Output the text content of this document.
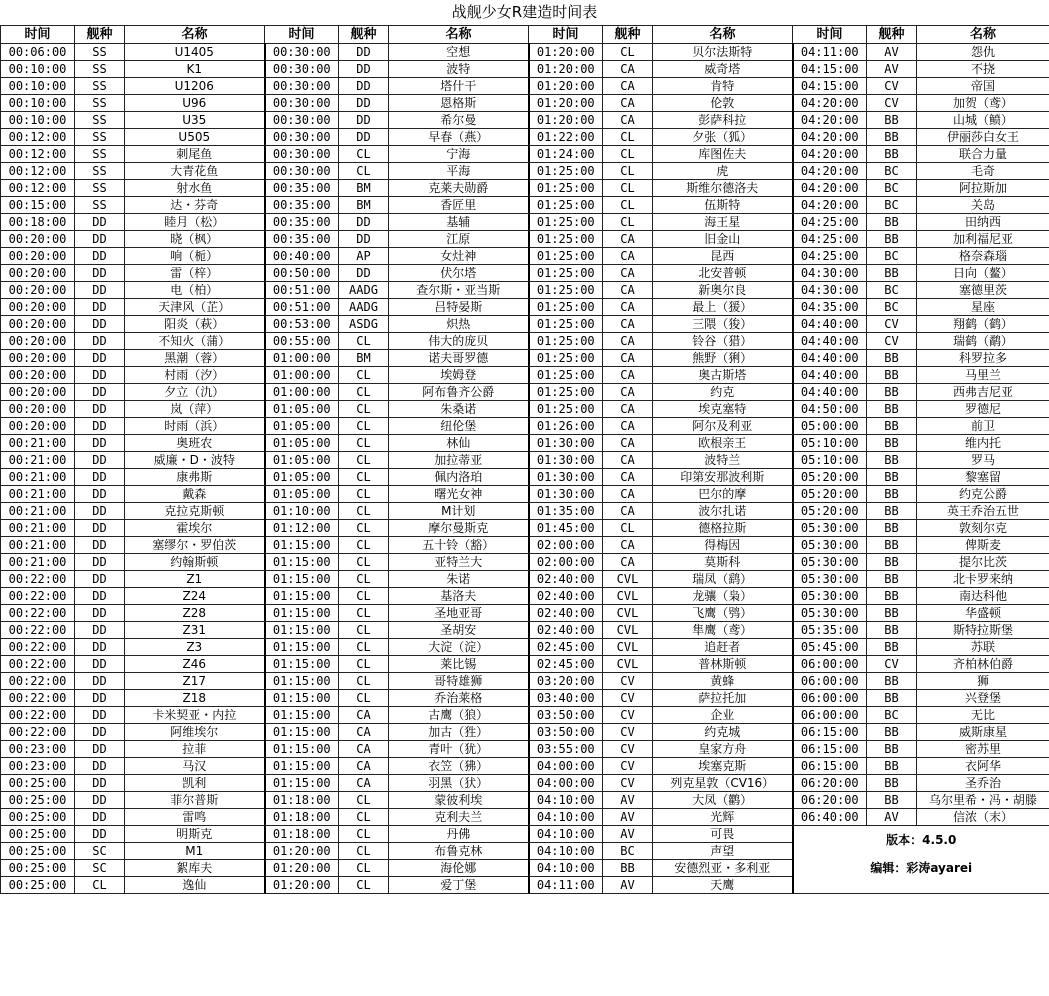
战舰少女R建造时间表
时间	舰种	名称	时间	舰种	名称	时间	舰种	名称	时间	舰种	名称
00:06:00	SS	U1405	00:30:00	DD	空想	01:20:00	CL	贝尔法斯特	04:11:00	AV	怨仇
00:10:00	SS	K1	00:30:00	DD	波特	01:20:00	CA	威奇塔	04:15:00	AV	不挠
00:10:00	SS	U1206	00:30:00	DD	塔什干	01:20:00	CA	肯特	04:15:00	CV	帝国
00:10:00	SS	U96	00:30:00	DD	恩格斯	01:20:00	CA	伦敦	04:20:00	CV	加贺（鸢）
00:10:00	SS	U35	00:30:00	DD	希尔曼	01:20:00	CA	彭萨科拉	04:20:00	BB	山城（鲼）
00:12:00	SS	U505	00:30:00	DD	早春（燕）	01:22:00	CL	夕张（狐）	04:20:00	BB	伊丽莎白女王
00:12:00	SS	刺尾鱼	00:30:00	CL	宁海	01:24:00	CL	库图佐夫	04:20:00	BB	联合力量
00:12:00	SS	大青花鱼	00:30:00	CL	平海	01:25:00	CL	虎	04:20:00	BC	毛奇
00:12:00	SS	射水鱼	00:35:00	BM	克莱夫勋爵	01:25:00	CL	斯维尔德洛夫	04:20:00	BC	阿拉斯加
00:15:00	SS	达・芬奇	00:35:00	BM	香匠里	01:25:00	CL	伍斯特	04:20:00	BC	关岛
00:18:00	DD	睦月（松）	00:35:00	DD	基辅	01:25:00	CL	海王星	04:25:00	BB	田纳西
00:20:00	DD	晓（枫）	00:35:00	DD	江原	01:25:00	CA	旧金山	04:25:00	BB	加利福尼亚
00:20:00	DD	响（栀）	00:40:00	AP	女灶神	01:25:00	CA	昆西	04:25:00	BC	格奈森瑙
00:20:00	DD	雷（梓）	00:50:00	DD	伏尔塔	01:25:00	CA	北安普顿	04:30:00	BB	日向（鳌）
00:20:00	DD	电（柏）	00:51:00	AADG	查尔斯・亚当斯	01:25:00	CA	新奥尔良	04:30:00	BC	塞德里茨
00:20:00	DD	天津风（芷）	00:51:00	AADG	吕特晏斯	01:25:00	CA	最上（猨）	04:35:00	BC	星座
00:20:00	DD	阳炎（萩）	00:53:00	ASDG	炽热	01:25:00	CA	三隈（狻）	04:40:00	CV	翔鹤（鹤）
00:20:00	DD	不知火（蒲）	00:55:00	CL	伟大的庞贝	01:25:00	CA	铃谷（猎）	04:40:00	CV	瑞鹤（鹬）
00:20:00	DD	黑潮（蓉）	01:00:00	BM	诺夫哥罗德	01:25:00	CA	熊野（猁）	04:40:00	BB	科罗拉多
00:20:00	DD	村雨（汐）	01:00:00	CL	埃姆登	01:25:00	CA	奥古斯塔	04:40:00	BB	马里兰
00:20:00	DD	夕立（氿）	01:00:00	CL	阿布鲁齐公爵	01:25:00	CA	约克	04:40:00	BB	西弗吉尼亚
00:20:00	DD	岚（萍）	01:05:00	CL	朱桑诺	01:25:00	CA	埃克塞特	04:50:00	BB	罗德尼
00:20:00	DD	时雨（浜）	01:05:00	CL	纽伦堡	01:26:00	CA	阿尔及利亚	05:00:00	BB	前卫
00:21:00	DD	奥班农	01:05:00	CL	林仙	01:30:00	CA	欧根亲王	05:10:00	BB	维内托
00:21:00	DD	威廉・D・波特	01:05:00	CL	加拉蒂亚	01:30:00	CA	波特兰	05:10:00	BB	罗马
00:21:00	DD	康弗斯	01:05:00	CL	佩内洛珀	01:30:00	CA	印第安那波利斯	05:20:00	BB	黎塞留
00:21:00	DD	戴森	01:05:00	CL	曙光女神	01:30:00	CA	巴尔的摩	05:20:00	BB	约克公爵
00:21:00	DD	克拉克斯顿	01:10:00	CL	M计划	01:35:00	CA	波尔扎诺	05:20:00	BB	英王乔治五世
00:21:00	DD	霍埃尔	01:12:00	CL	摩尔曼斯克	01:45:00	CL	德格拉斯	05:30:00	BB	敦刻尔克
00:21:00	DD	塞缪尔・罗伯茨	01:15:00	CL	五十铃（豁）	02:00:00	CA	得梅因	05:30:00	BB	俾斯麦
00:21:00	DD	约翰斯顿	01:15:00	CL	亚特兰大	02:00:00	CA	莫斯科	05:30:00	BB	提尔比茨
00:22:00	DD	Z1	01:15:00	CL	朱诺	02:40:00	CVL	瑞凤（鹞）	05:30:00	BB	北卡罗来纳
00:22:00	DD	Z24	01:15:00	CL	基洛夫	02:40:00	CVL	龙骧（枭）	05:30:00	BB	南达科他
00:22:00	DD	Z28	01:15:00	CL	圣地亚哥	02:40:00	CVL	飞鹰（鸮）	05:30:00	BB	华盛顿
00:22:00	DD	Z31	01:15:00	CL	圣胡安	02:40:00	CVL	隼鹰（鸢）	05:35:00	BB	斯特拉斯堡
00:22:00	DD	Z3	01:15:00	CL	大淀（淀）	02:45:00	CVL	追赶者	05:45:00	BB	苏联
00:22:00	DD	Z46	01:15:00	CL	莱比锡	02:45:00	CVL	普林斯顿	06:00:00	CV	齐柏林伯爵
00:22:00	DD	Z17	01:15:00	CL	哥特雄狮	03:20:00	CV	黄蜂	06:00:00	BB	狮
00:22:00	DD	Z18	01:15:00	CL	乔治莱格	03:40:00	CV	萨拉托加	06:00:00	BB	兴登堡
00:22:00	DD	卡米契亚・内拉	01:15:00	CA	古鹰（狼）	03:50:00	CV	企业	06:00:00	BC	无比
00:22:00	DD	阿维埃尔	01:15:00	CA	加古（狌）	03:50:00	CV	约克城	06:15:00	BB	威斯康星
00:23:00	DD	拉菲	01:15:00	CA	青叶（犹）	03:55:00	CV	皇家方舟	06:15:00	BB	密苏里
00:23:00	DD	马汉	01:15:00	CA	衣笠（狒）	04:00:00	CV	埃塞克斯	06:15:00	BB	衣阿华
00:25:00	DD	凯利	01:15:00	CA	羽黑（犾）	04:00:00	CV	列克星敦（CV16）	06:20:00	BB	圣乔治
00:25:00	DD	菲尔普斯	01:18:00	CL	蒙彼利埃	04:10:00	AV	大凤（鹳）	06:20:00	BB	乌尔里希・冯・胡滕
00:25:00	DD	雷鸣	01:18:00	CL	克利夫兰	04:10:00	AV	光辉	06:40:00	AV	信浓（末）
00:25:00	DD	明斯克	01:18:00	CL	丹佛	04:10:00	AV	可畏	版本：4.5.0
编辑：彩涛ayarei		

00:25:00	SC	M1	01:20:00	CL	布鲁克林	04:10:00	BC	声望			
00:25:00	SC	絮库夫	01:20:00	CL	海伦娜	04:10:00	BB	安德烈亚・多利亚			
00:25:00	CL	逸仙	01:20:00	CL	爱丁堡	04:11:00	AV	天鹰			
